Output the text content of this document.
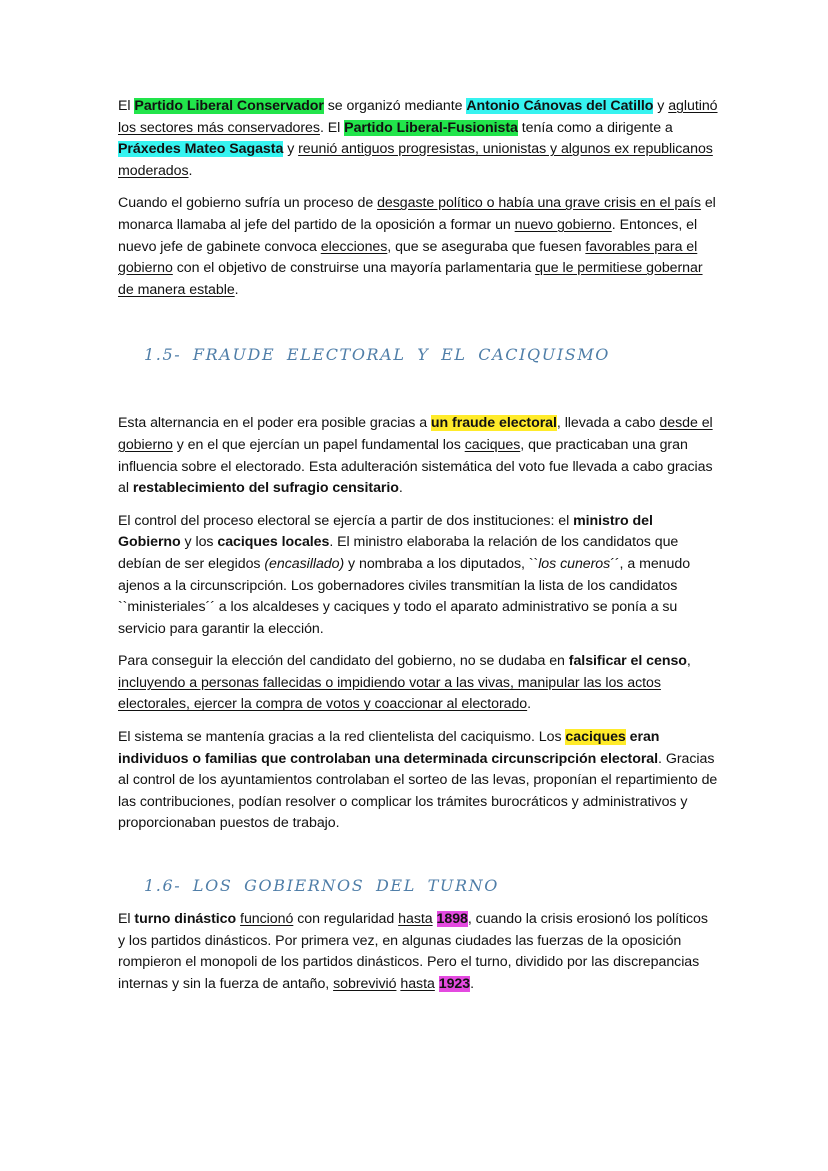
El Partido Liberal Conservador se organizó mediante Antonio Cánovas del Catillo y aglutinó los sectores más conservadores. El Partido Liberal-Fusionista tenía como a dirigente a Práxedes Mateo Sagasta y reunió antiguos progresistas, unionistas y algunos ex republicanos moderados.

Cuando el gobierno sufría un proceso de desgaste político o había una grave crisis en el país el monarca llamaba al jefe del partido de la oposición a formar un nuevo gobierno. Entonces, el nuevo jefe de gabinete convoca elecciones, que se aseguraba que fuesen favorables para el gobierno con el objetivo de construirse una mayoría parlamentaria que le permitiese gobernar de manera estable.

1.5- FRAUDE ELECTORAL Y EL CACIQUISMO

Esta alternancia en el poder era posible gracias a un fraude electoral, llevada a cabo desde el gobierno y en el que ejercían un papel fundamental los caciques, que practicaban una gran influencia sobre el electorado. Esta adulteración sistemática del voto fue llevada a cabo gracias al restablecimiento del sufragio censitario.

El control del proceso electoral se ejercía a partir de dos instituciones: el ministro del Gobierno y los caciques locales. El ministro elaboraba la relación de los candidatos que debían de ser elegidos (encasillado) y nombraba a los diputados, ``los cuneros´´, a menudo ajenos a la circunscripción. Los gobernadores civiles transmitían la lista de los candidatos ``ministeriales´´ a los alcaldeses y caciques y todo el aparato administrativo se ponía a su servicio para garantir la elección.

Para conseguir la elección del candidato del gobierno, no se dudaba en falsificar el censo, incluyendo a personas fallecidas o impidiendo votar a las vivas, manipular las los actos electorales, ejercer la compra de votos y coaccionar al electorado.

El sistema se mantenía gracias a la red clientelista del caciquismo. Los caciques eran individuos o familias que controlaban una determinada circunscripción electoral. Gracias al control de los ayuntamientos controlaban el sorteo de las levas, proponían el repartimiento de las contribuciones, podían resolver o complicar los trámites burocráticos y administrativos y proporcionaban puestos de trabajo.

1.6- LOS GOBIERNOS DEL TURNO

El turno dinástico funcionó con regularidad hasta 1898, cuando la crisis erosionó los políticos y los partidos dinásticos. Por primera vez, en algunas ciudades las fuerzas de la oposición rompieron el monopoli de los partidos dinásticos. Pero el turno, dividido por las discrepancias internas y sin la fuerza de antaño, sobrevivió hasta 1923.
